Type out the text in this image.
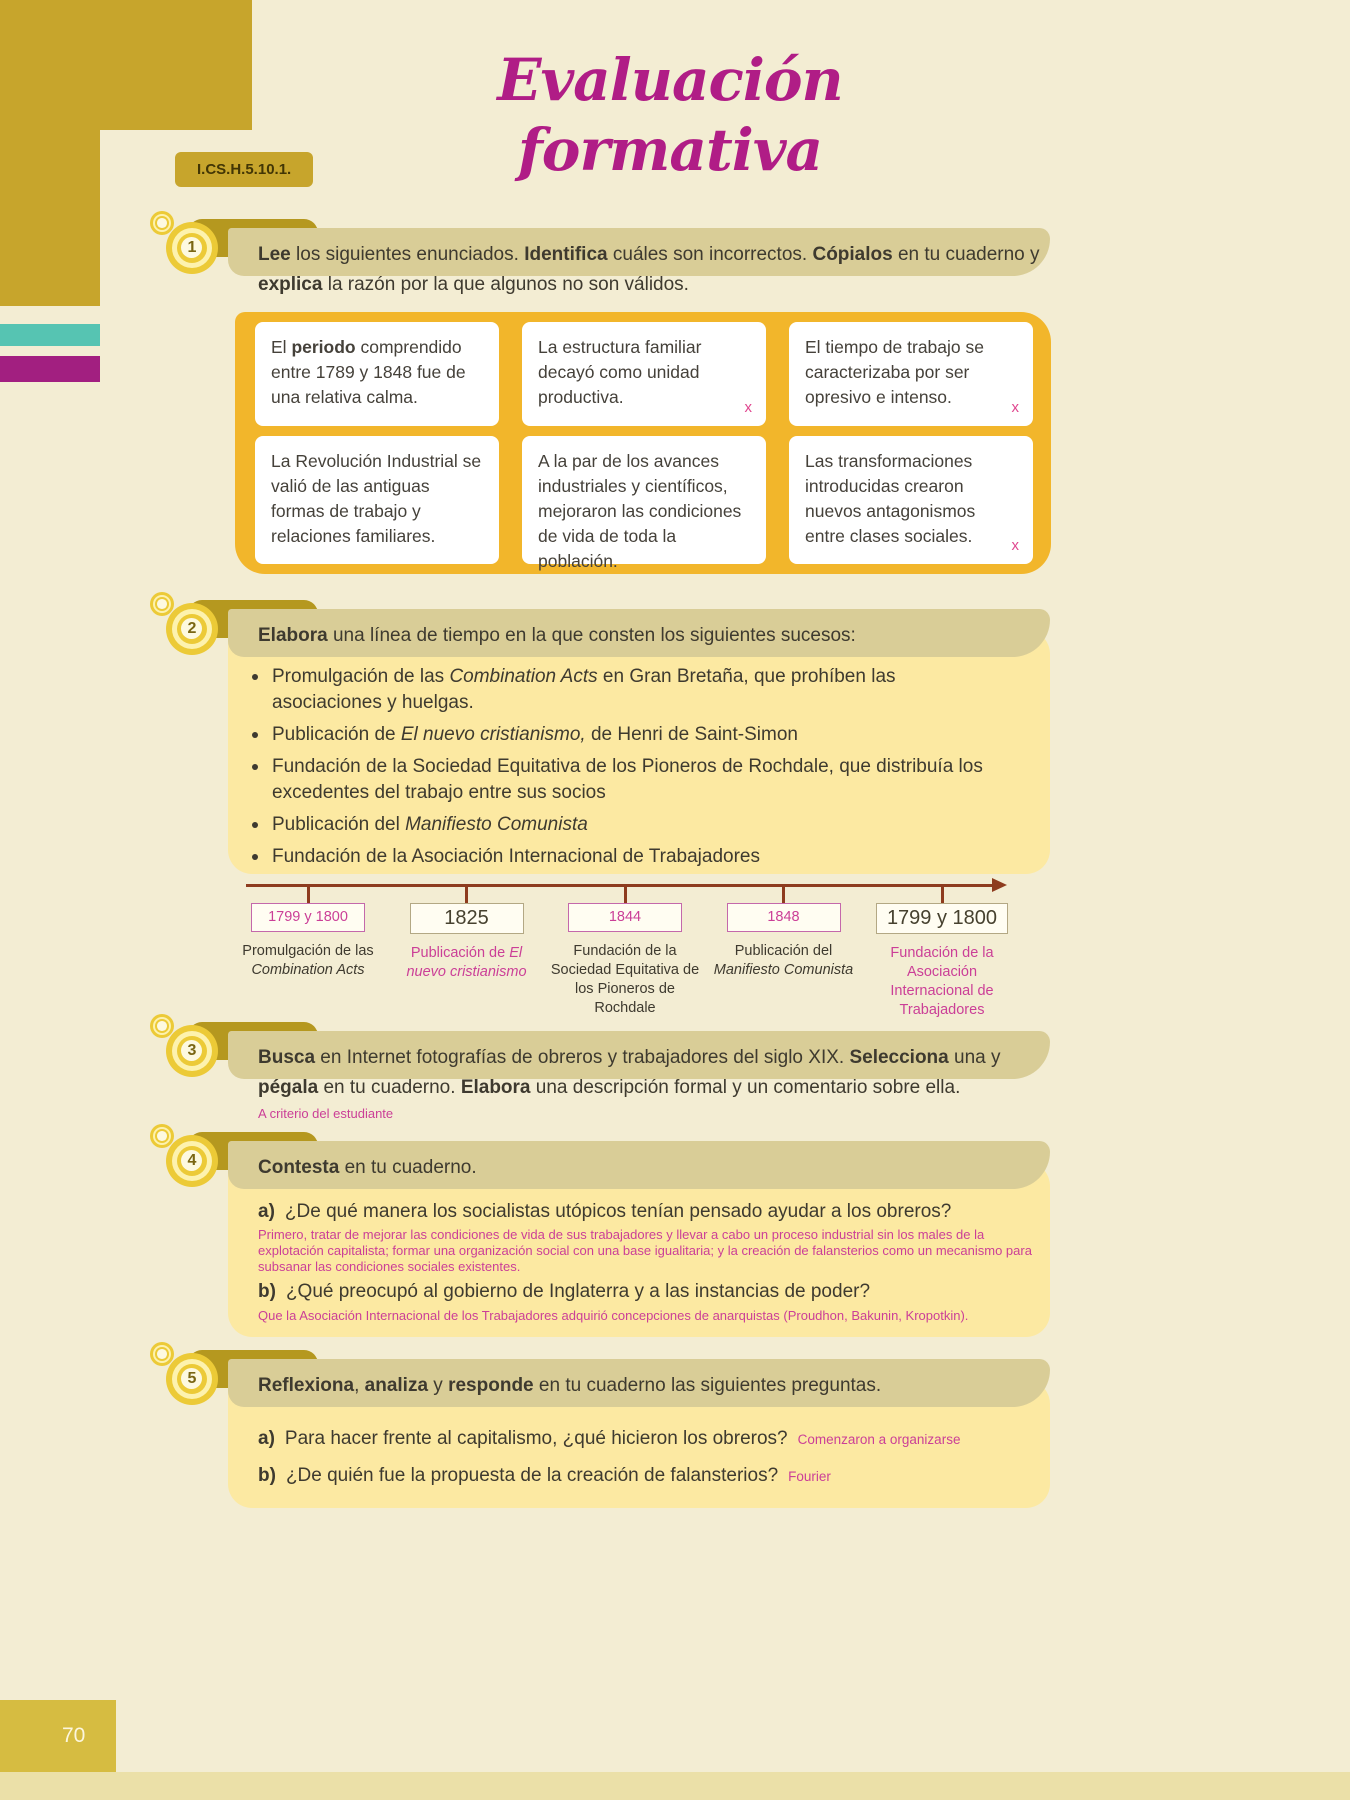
Evaluación formativa
I.CS.H.5.10.1.
1	Lee los siguientes enunciados. Identifica cuáles son incorrectos. Cópialos en tu cuaderno y explica la razón por la que algunos no son válidos.
El periodo comprendido entre 1789 y 1848 fue de una relativa calma.
La estructura familiar decayó como unidad productiva.
x
El tiempo de trabajo se caracterizaba por ser opresivo e intenso.
x
La Revolución Industrial se valió de las antiguas formas de trabajo y relaciones familiares.
A la par de los avances industriales y científicos, mejoraron las condiciones de vida de toda la población.
Las transformaciones introducidas crearon nuevos antagonismos entre clases sociales.	x
2	Elabora una línea de tiempo en la que consten los siguientes sucesos:
Promulgación de las Combination Acts en Gran Bretaña, que prohíben las asociaciones y huelgas.
Publicación de El nuevo cristianismo, de Henri de Saint-Simon
Fundación de la Sociedad Equitativa de los Pioneros de Rochdale, que distribuía los excedentes del trabajo entre sus socios
Publicación del Manifiesto Comunista
Fundación de la Asociación Internacional de Trabajadores
1799 y 1800
Promulgación de las Combination Acts
1825
Publicación de El nuevo cristianismo
1844
Fundación de la Sociedad Equitativa de los Pioneros de Rochdale
1848
Publicación del Manifiesto Comunista
1799 y 1800
Fundación de la Asociación Internacional de Trabajadores
3	Busca en Internet fotografías de obreros y trabajadores del siglo XIX. Selecciona una y pégala en tu cuaderno. Elabora una descripción formal y un comentario sobre ella.
A criterio del estudiante
4	Contesta en tu cuaderno.
a) ¿De qué manera los socialistas utópicos tenían pensado ayudar a los obreros?
Primero, tratar de mejorar las condiciones de vida de sus trabajadores y llevar a cabo un proceso industrial sin los males de la explotación capitalista; formar una organización social con una base igualitaria; y la creación de falansterios como un mecanismo para subsanar las condiciones sociales existentes.
b) ¿Qué preocupó al gobierno de Inglaterra y a las instancias de poder?
Que la Asociación Internacional de los Trabajadores adquirió concepciones de anarquistas (Proudhon, Bakunin, Kropotkin).
5	Reflexiona, analiza y responde en tu cuaderno las siguientes preguntas.
a) Para hacer frente al capitalismo, ¿qué hicieron los obreros? Comenzaron a organizarse
b) ¿De quién fue la propuesta de la creación de falansterios? Fourier
70
